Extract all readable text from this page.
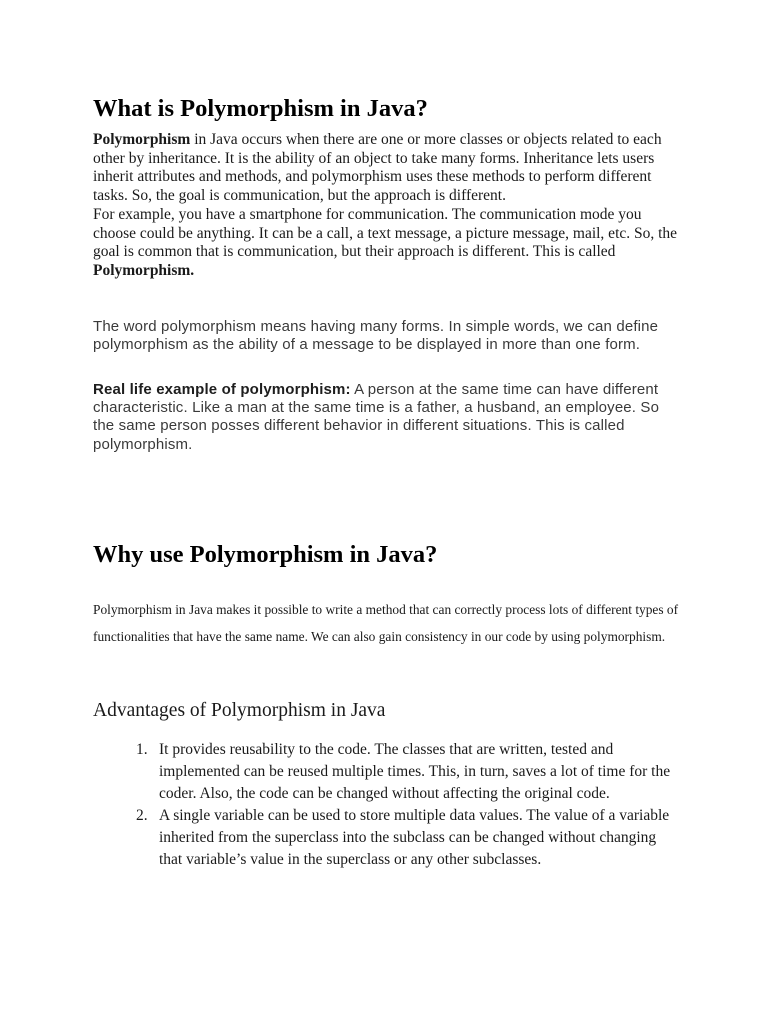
What is Polymorphism in Java?

Polymorphism in Java occurs when there are one or more classes or objects related to each other by inheritance. It is the ability of an object to take many forms. Inheritance lets users inherit attributes and methods, and polymorphism uses these methods to perform different tasks. So, the goal is communication, but the approach is different.
For example, you have a smartphone for communication. The communication mode you choose could be anything. It can be a call, a text message, a picture message, mail, etc. So, the goal is common that is communication, but their approach is different. This is called Polymorphism.

The word polymorphism means having many forms. In simple words, we can define polymorphism as the ability of a message to be displayed in more than one form.

Real life example of polymorphism: A person at the same time can have different characteristic. Like a man at the same time is a father, a husband, an employee. So the same person posses different behavior in different situations. This is called polymorphism.

Why use Polymorphism in Java?

Polymorphism in Java makes it possible to write a method that can correctly process lots of different types of functionalities that have the same name. We can also gain consistency in our code by using polymorphism.

Advantages of Polymorphism in Java
1. It provides reusability to the code. The classes that are written, tested and implemented can be reused multiple times. This, in turn, saves a lot of time for the coder. Also, the code can be changed without affecting the original code.
2. A single variable can be used to store multiple data values. The value of a variable inherited from the superclass into the subclass can be changed without changing that variable’s value in the superclass or any other subclasses.
